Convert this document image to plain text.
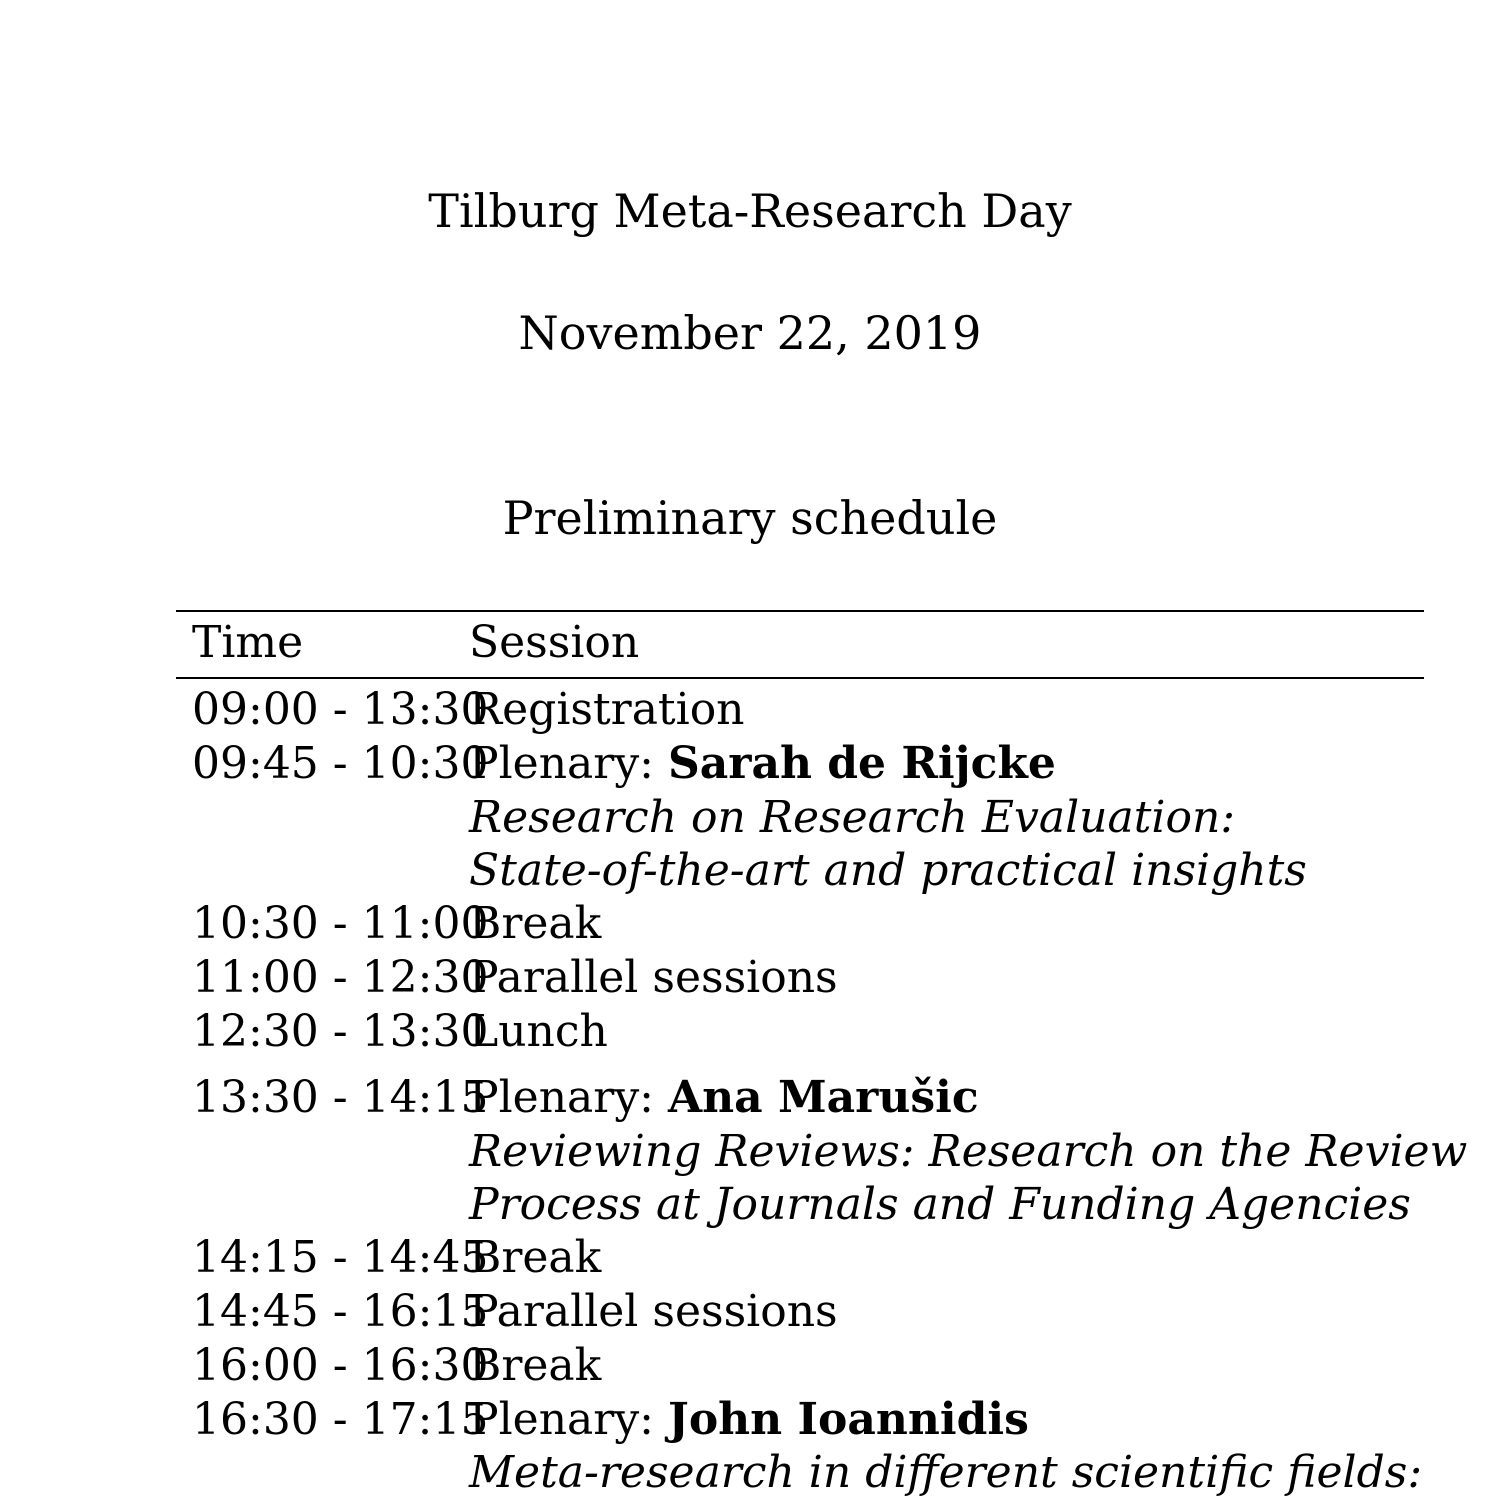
Tilburg Meta-Research Day
November 22, 2019
Preliminary schedule
Time	Session
09:00 - 13:30
Registration
09:45 - 10:30
Plenary: Sarah de Rijcke
Research on Research Evaluation:
State-of-the-art and practical insights
10:30 - 11:00
Break
11:00 - 12:30
Parallel sessions
12:30 - 13:30
Lunch
13:30 - 14:15
Plenary: Ana Marušic
Reviewing Reviews: Research on the Review
Process at Journals and Funding Agencies
14:15 - 14:45
Break
14:45 - 16:15
Parallel sessions
16:00 - 16:30
Break
16:30 - 17:15
Plenary: John Ioannidis
Meta-research in different scientific fields:
